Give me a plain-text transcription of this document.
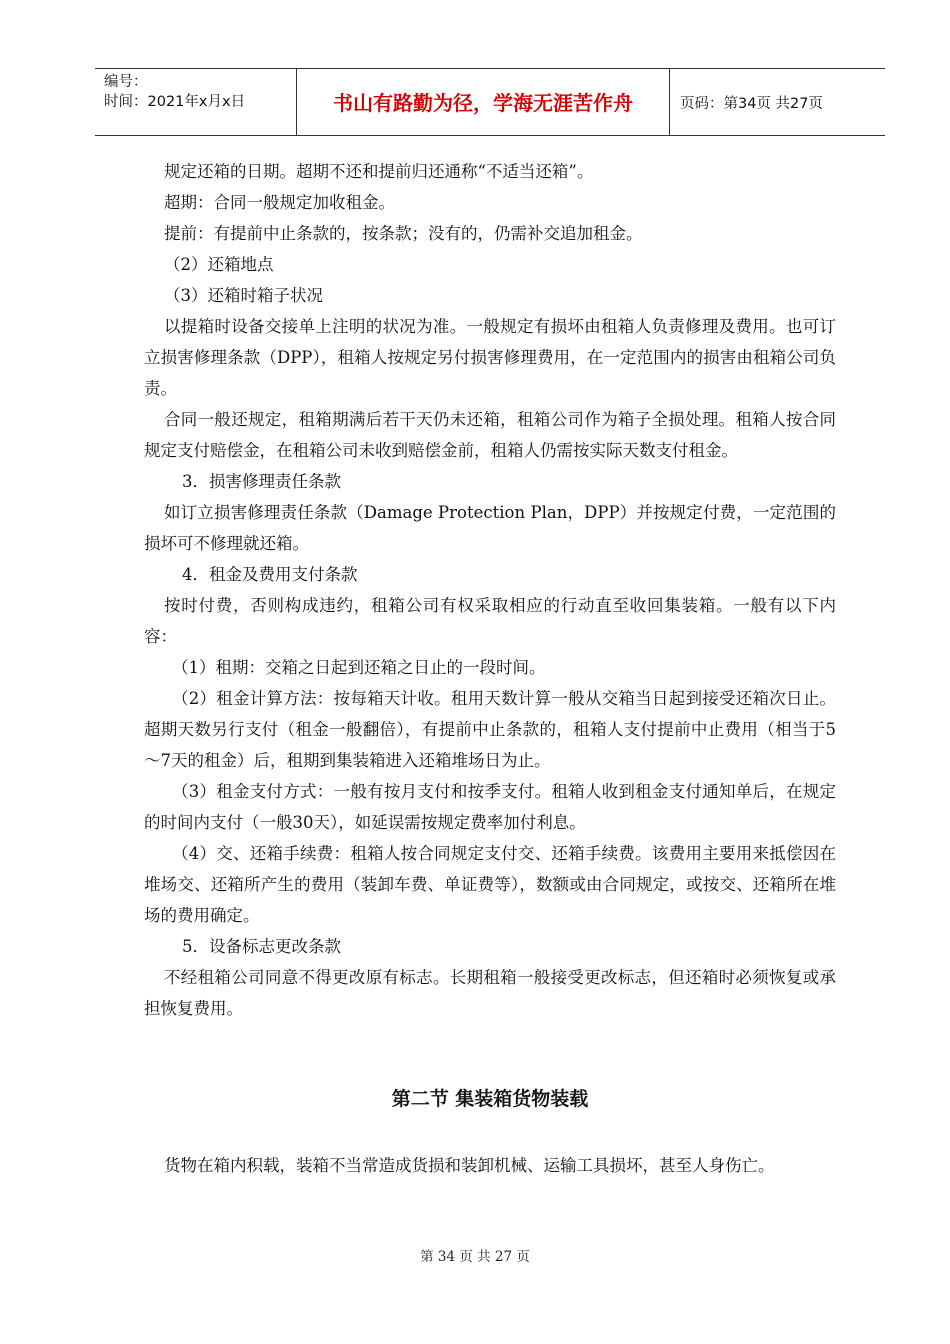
编号：
时间：2021年x月x日	书山有路勤为径，学海无涯苦作舟	页码：第34页 共27页

规定还箱的日期。超期不还和提前归还通称“不适当还箱”。

超期：合同一般规定加收租金。

提前：有提前中止条款的，按条款；没有的，仍需补交追加租金。

（2）还箱地点

（3）还箱时箱子状况

以提箱时设备交接单上注明的状况为准。一般规定有损坏由租箱人负责修理及费用。也可订立损害修理条款（DPP），租箱人按规定另付损害修理费用，在一定范围内的损害由租箱公司负责。

合同一般还规定，租箱期满后若干天仍未还箱，租箱公司作为箱子全损处理。租箱人按合同规定支付赔偿金，在租箱公司未收到赔偿金前，租箱人仍需按实际天数支付租金。

3．损害修理责任条款

如订立损害修理责任条款（Damage Protection Plan，DPP）并按规定付费，一定范围的损坏可不修理就还箱。

4．租金及费用支付条款

按时付费，否则构成违约，租箱公司有权采取相应的行动直至收回集装箱。一般有以下内容：

（1）租期：交箱之日起到还箱之日止的一段时间。

（2）租金计算方法：按每箱天计收。租用天数计算一般从交箱当日起到接受还箱次日止。超期天数另行支付（租金一般翻倍），有提前中止条款的，租箱人支付提前中止费用（相当于5～7天的租金）后，租期到集装箱进入还箱堆场日为止。

（3）租金支付方式：一般有按月支付和按季支付。租箱人收到租金支付通知单后，在规定的时间内支付（一般30天），如延误需按规定费率加付利息。

（4）交、还箱手续费：租箱人按合同规定支付交、还箱手续费。该费用主要用来抵偿因在堆场交、还箱所产生的费用（装卸车费、单证费等），数额或由合同规定，或按交、还箱所在堆场的费用确定。

5．设备标志更改条款

不经租箱公司同意不得更改原有标志。长期租箱一般接受更改标志，但还箱时必须恢复或承担恢复费用。

第二节 集装箱货物装载

货物在箱内积载，装箱不当常造成货损和装卸机械、运输工具损坏，甚至人身伤亡。

第 34 页 共 27 页
